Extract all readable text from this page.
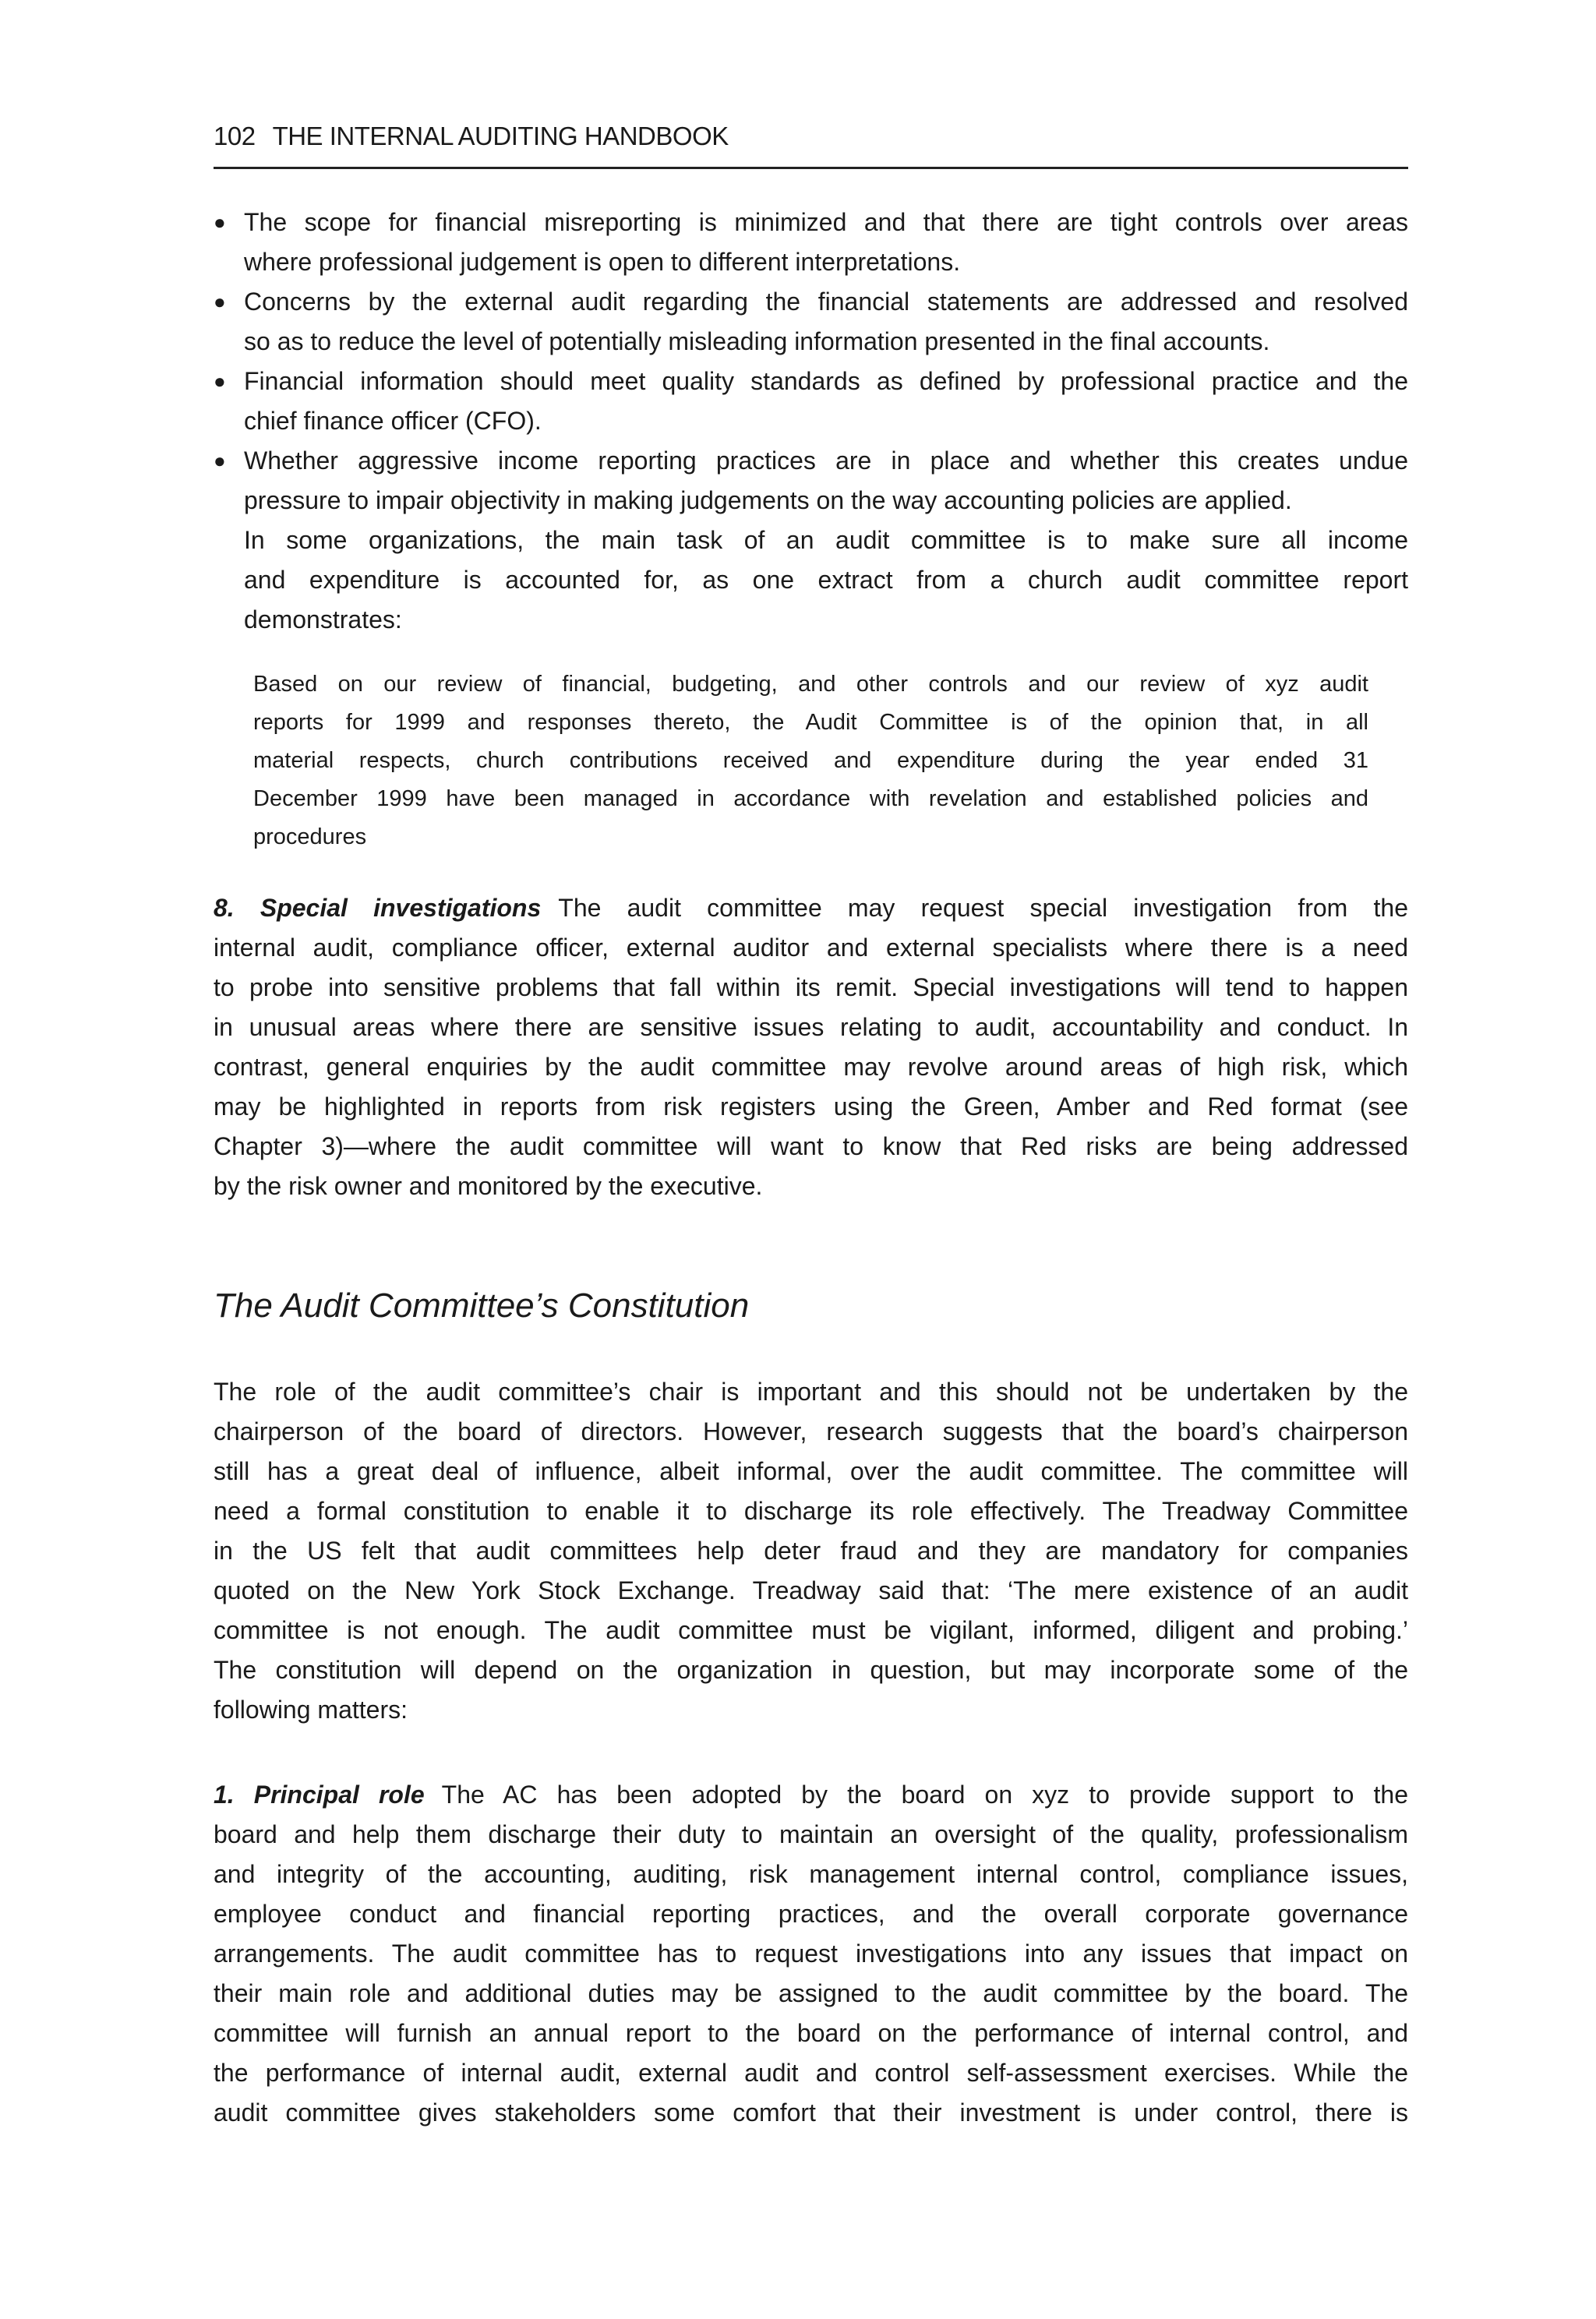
102 THE INTERNAL AUDITING HANDBOOK
● The scope for financial misreporting is minimized and that there are tight controls over areas
where professional judgement is open to different interpretations.
● Concerns by the external audit regarding the financial statements are addressed and resolved
so as to reduce the level of potentially misleading information presented in the final accounts.
● Financial information should meet quality standards as defined by professional practice and the
chief finance officer (CFO).
● Whether aggressive income reporting practices are in place and whether this creates undue
pressure to impair objectivity in making judgements on the way accounting policies are applied.
In some organizations, the main task of an audit committee is to make sure all income
and expenditure is accounted for, as one extract from a church audit committee report
demonstrates:
Based on our review of financial, budgeting, and other controls and our review of xyz audit
reports for 1999 and responses thereto, the Audit Committee is of the opinion that, in all
material respects, church contributions received and expenditure during the year ended 31
December 1999 have been managed in accordance with revelation and established policies and
procedures
8. Special investigations The audit committee may request special investigation from the
internal audit, compliance officer, external auditor and external specialists where there is a need
to probe into sensitive problems that fall within its remit. Special investigations will tend to happen
in unusual areas where there are sensitive issues relating to audit, accountability and conduct. In
contrast, general enquiries by the audit committee may revolve around areas of high risk, which
may be highlighted in reports from risk registers using the Green, Amber and Red format (see
Chapter 3)—where the audit committee will want to know that Red risks are being addressed
by the risk owner and monitored by the executive.
The Audit Committee’s Constitution
The role of the audit committee’s chair is important and this should not be undertaken by the
chairperson of the board of directors. However, research suggests that the board’s chairperson
still has a great deal of influence, albeit informal, over the audit committee. The committee will
need a formal constitution to enable it to discharge its role effectively. The Treadway Committee
in the US felt that audit committees help deter fraud and they are mandatory for companies
quoted on the New York Stock Exchange. Treadway said that: ‘The mere existence of an audit
committee is not enough. The audit committee must be vigilant, informed, diligent and probing.’
The constitution will depend on the organization in question, but may incorporate some of the
following matters:
1. Principal role The AC has been adopted by the board on xyz to provide support to the
board and help them discharge their duty to maintain an oversight of the quality, professionalism
and integrity of the accounting, auditing, risk management internal control, compliance issues,
employee conduct and financial reporting practices, and the overall corporate governance
arrangements. The audit committee has to request investigations into any issues that impact on
their main role and additional duties may be assigned to the audit committee by the board. The
committee will furnish an annual report to the board on the performance of internal control, and
the performance of internal audit, external audit and control self-assessment exercises. While the
audit committee gives stakeholders some comfort that their investment is under control, there is
